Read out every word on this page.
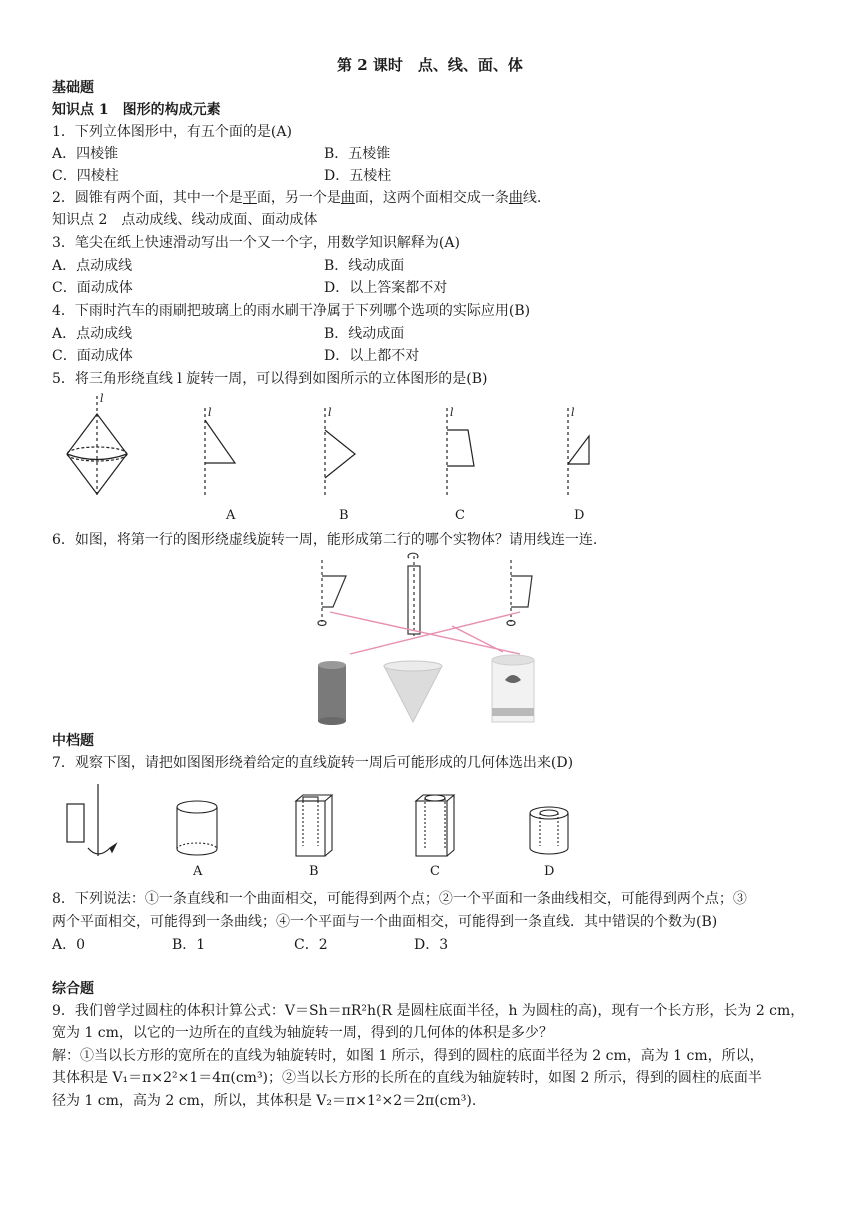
第 2 课时　点、线、面、体
基础题
知识点 1　图形的构成元素
1．下列立体图形中，有五个面的是(A)
A．四棱锥	B．五棱锥
C．四棱柱	D．五棱柱
2．圆锥有两个面，其中一个是平面，另一个是曲面，这两个面相交成一条曲线.
知识点 2　点动成线、线动成面、面动成体
3．笔尖在纸上快速滑动写出一个又一个字，用数学知识解释为(A)
A．点动成线	B．线动成面
C．面动成体	D．以上答案都不对
4．下雨时汽车的雨刷把玻璃上的雨水刷干净属于下列哪个选项的实际应用(B)
A．点动成线	B．线动成面
C．面动成体	D．以上都不对
5．将三角形绕直线 l 旋转一周，可以得到如图所示的立体图形的是(B)
l
l	l	l	l
A	B	C	D
6．如图，将第一行的图形绕虚线旋转一周，能形成第二行的哪个实物体？请用线连一连.
中档题
7．观察下图，请把如图图形绕着给定的直线旋转一周后可能形成的几何体选出来(D)
A	B	C	D
8．下列说法：①一条直线和一个曲面相交，可能得到两个点；②一个平面和一条曲线相交，可能得到两个点；③
两个平面相交，可能得到一条曲线；④一个平面与一个曲面相交，可能得到一条直线．其中错误的个数为(B)
A．0	B．1	C．2	D．3
综合题
9．我们曾学过圆柱的体积计算公式：V＝Sh＝πR²h(R 是圆柱底面半径，h 为圆柱的高)，现有一个长方形，长为 2 cm，
宽为 1 cm，以它的一边所在的直线为轴旋转一周，得到的几何体的体积是多少？
解：①当以长方形的宽所在的直线为轴旋转时，如图 1 所示，得到的圆柱的底面半径为 2 cm，高为 1 cm，所以，
其体积是 V₁＝π×2²×1＝4π(cm³)；②当以长方形的长所在的直线为轴旋转时，如图 2 所示，得到的圆柱的底面半
径为 1 cm，高为 2 cm，所以，其体积是 V₂＝π×1²×2＝2π(cm³).
